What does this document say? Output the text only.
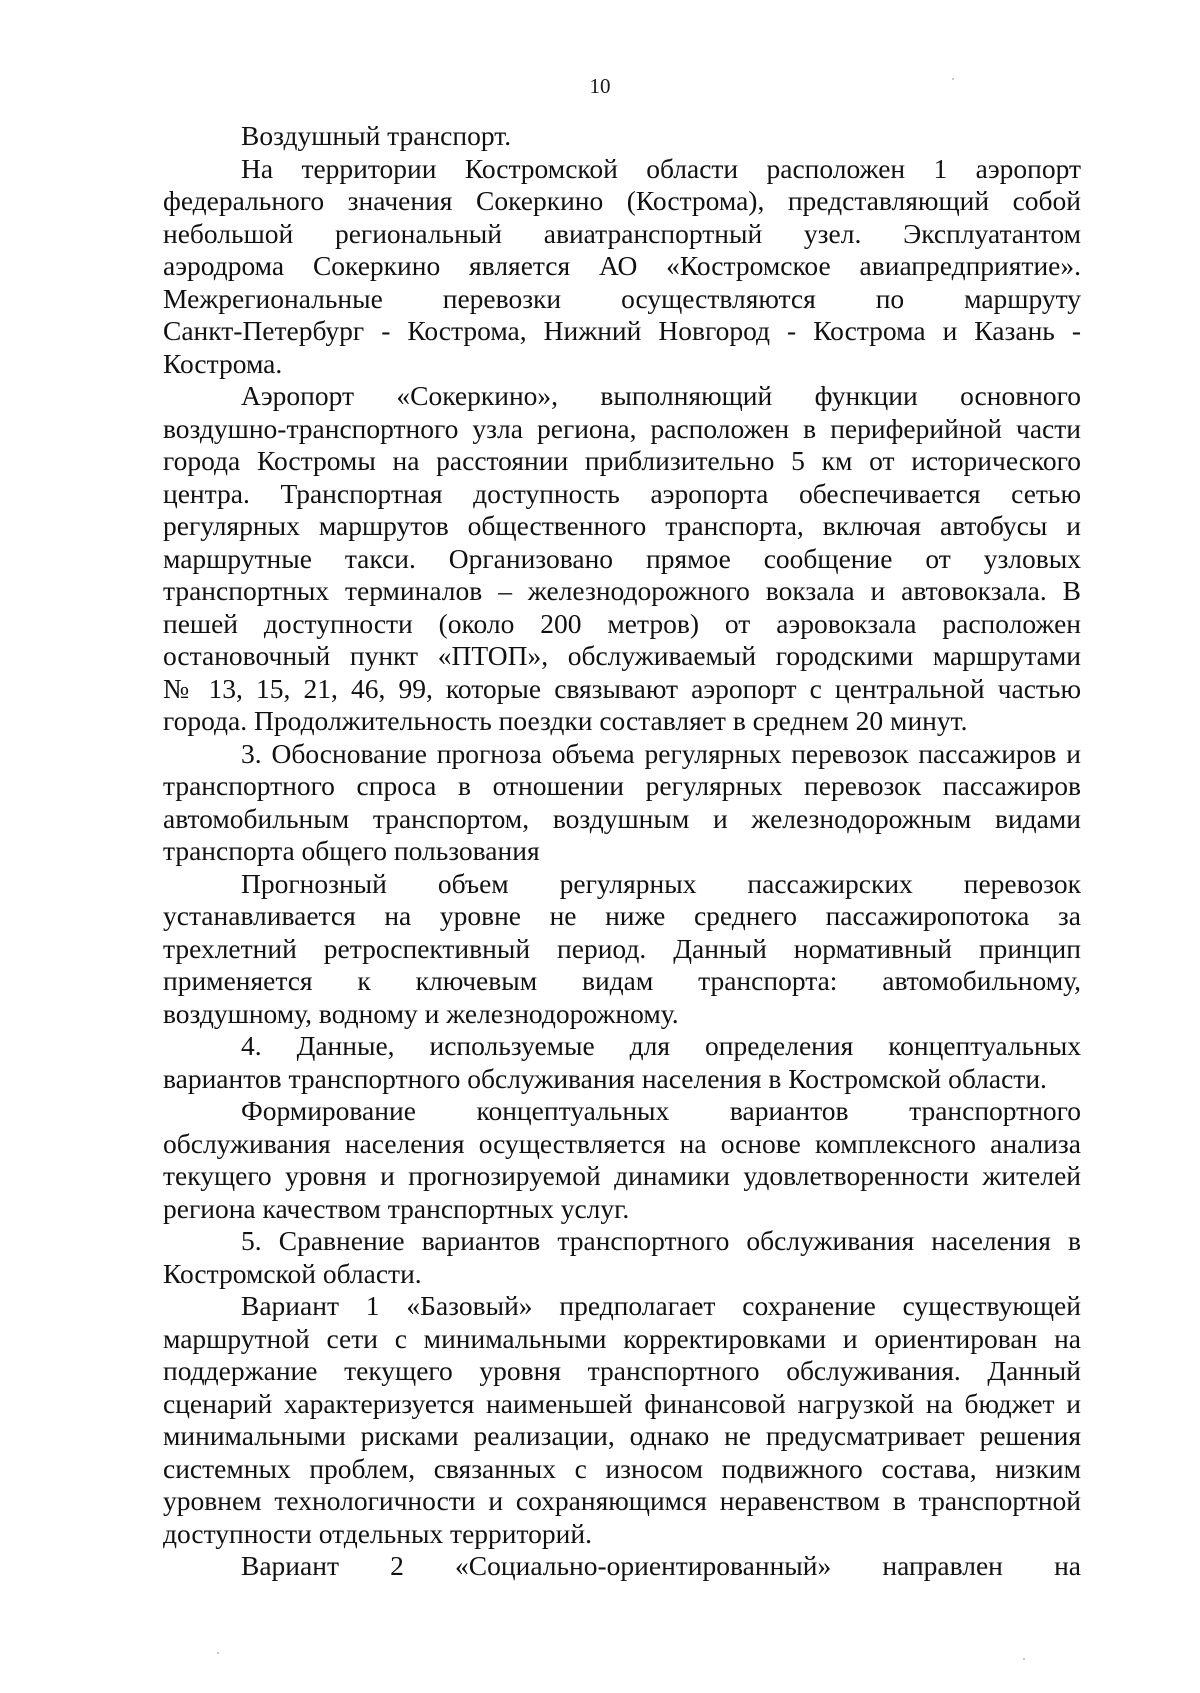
10
Воздушный транспорт.
На территории Костромской области расположен 1 аэропорт
федерального значения Сокеркино (Кострома), представляющий собой
небольшой региональный авиатранспортный узел. Эксплуатантом
аэродрома Сокеркино является АО «Костромское авиапредприятие».
Межрегиональные перевозки осуществляются по маршруту
Санкт-Петербург - Кострома, Нижний Новгород - Кострома и Казань -
Кострома.
Аэропорт «Сокеркино», выполняющий функции основного
воздушно-транспортного узла региона, расположен в периферийной части
города Костромы на расстоянии приблизительно 5 км от исторического
центра. Транспортная доступность аэропорта обеспечивается сетью
регулярных маршрутов общественного транспорта, включая автобусы и
маршрутные такси. Организовано прямое сообщение от узловых
транспортных терминалов – железнодорожного вокзала и автовокзала. В
пешей доступности (около 200 метров) от аэровокзала расположен
остановочный пункт «ПТОП», обслуживаемый городскими маршрутами
№ 13, 15, 21, 46, 99, которые связывают аэропорт с центральной частью
города. Продолжительность поездки составляет в среднем 20 минут.
3. Обоснование прогноза объема регулярных перевозок пассажиров и
транспортного спроса в отношении регулярных перевозок пассажиров
автомобильным транспортом, воздушным и железнодорожным видами
транспорта общего пользования
Прогнозный объем регулярных пассажирских перевозок
устанавливается на уровне не ниже среднего пассажиропотока за
трехлетний ретроспективный период. Данный нормативный принцип
применяется к ключевым видам транспорта: автомобильному,
воздушному, водному и железнодорожному.
4. Данные, используемые для определения концептуальных
вариантов транспортного обслуживания населения в Костромской области.
Формирование концептуальных вариантов транспортного
обслуживания населения осуществляется на основе комплексного анализа
текущего уровня и прогнозируемой динамики удовлетворенности жителей
региона качеством транспортных услуг.
5. Сравнение вариантов транспортного обслуживания населения в
Костромской области.
Вариант 1 «Базовый» предполагает сохранение существующей
маршрутной сети с минимальными корректировками и ориентирован на
поддержание текущего уровня транспортного обслуживания. Данный
сценарий характеризуется наименьшей финансовой нагрузкой на бюджет и
минимальными рисками реализации, однако не предусматривает решения
системных проблем, связанных с износом подвижного состава, низким
уровнем технологичности и сохраняющимся неравенством в транспортной
доступности отдельных территорий.
Вариант 2 «Социально-ориентированный» направлен на
